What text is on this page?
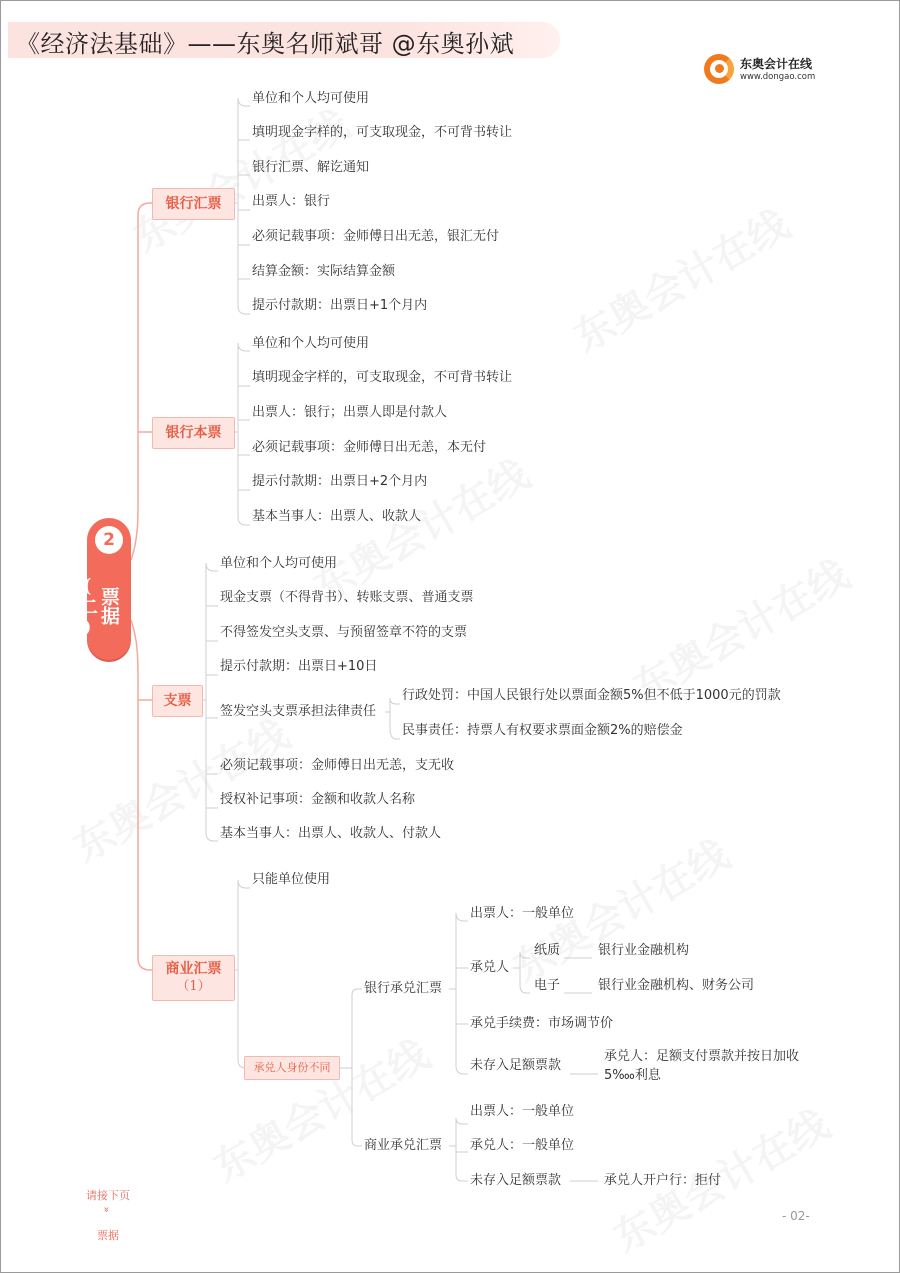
《经济法基础》——东奥名师斌哥 @东奥孙斌
东奥会计在线
www.dongao.com
2
票据(二)
银行汇票
单位和个人均可使用
填明现金字样的，可支取现金，不可背书转让
银行汇票、解讫通知
出票人：银行
必须记载事项：金师傅日出无恙，银汇无付
结算金额：实际结算金额
提示付款期：出票日+1个月内
银行本票
单位和个人均可使用
填明现金字样的，可支取现金，不可背书转让
出票人：银行；出票人即是付款人
必须记载事项：金师傅日出无恙，本无付
提示付款期：出票日+2个月内
基本当事人：出票人、收款人
支票
单位和个人均可使用
现金支票（不得背书）、转账支票、普通支票
不得签发空头支票、与预留签章不符的支票
提示付款期：出票日+10日
签发空头支票承担法律责任
行政处罚：中国人民银行处以票面金额5%但不低于1000元的罚款
民事责任：持票人有权要求票面金额2%的赔偿金
必须记载事项：金师傅日出无恙，支无收
授权补记事项：金额和收款人名称
基本当事人：出票人、收款人、付款人
商业汇票
（1）
只能单位使用
承兑人身份不同
银行承兑汇票
出票人：一般单位
承兑人
纸质	银行业金融机构
电子	银行业金融机构、财务公司
承兑手续费：市场调节价
未存入足额票款
承兑人：足额支付票款并按日加收
5‱利息
商业承兑汇票
出票人：一般单位
承兑人：一般单位
未存入足额票款	承兑人开户行：拒付
请接下页
»
票据
- 02-
